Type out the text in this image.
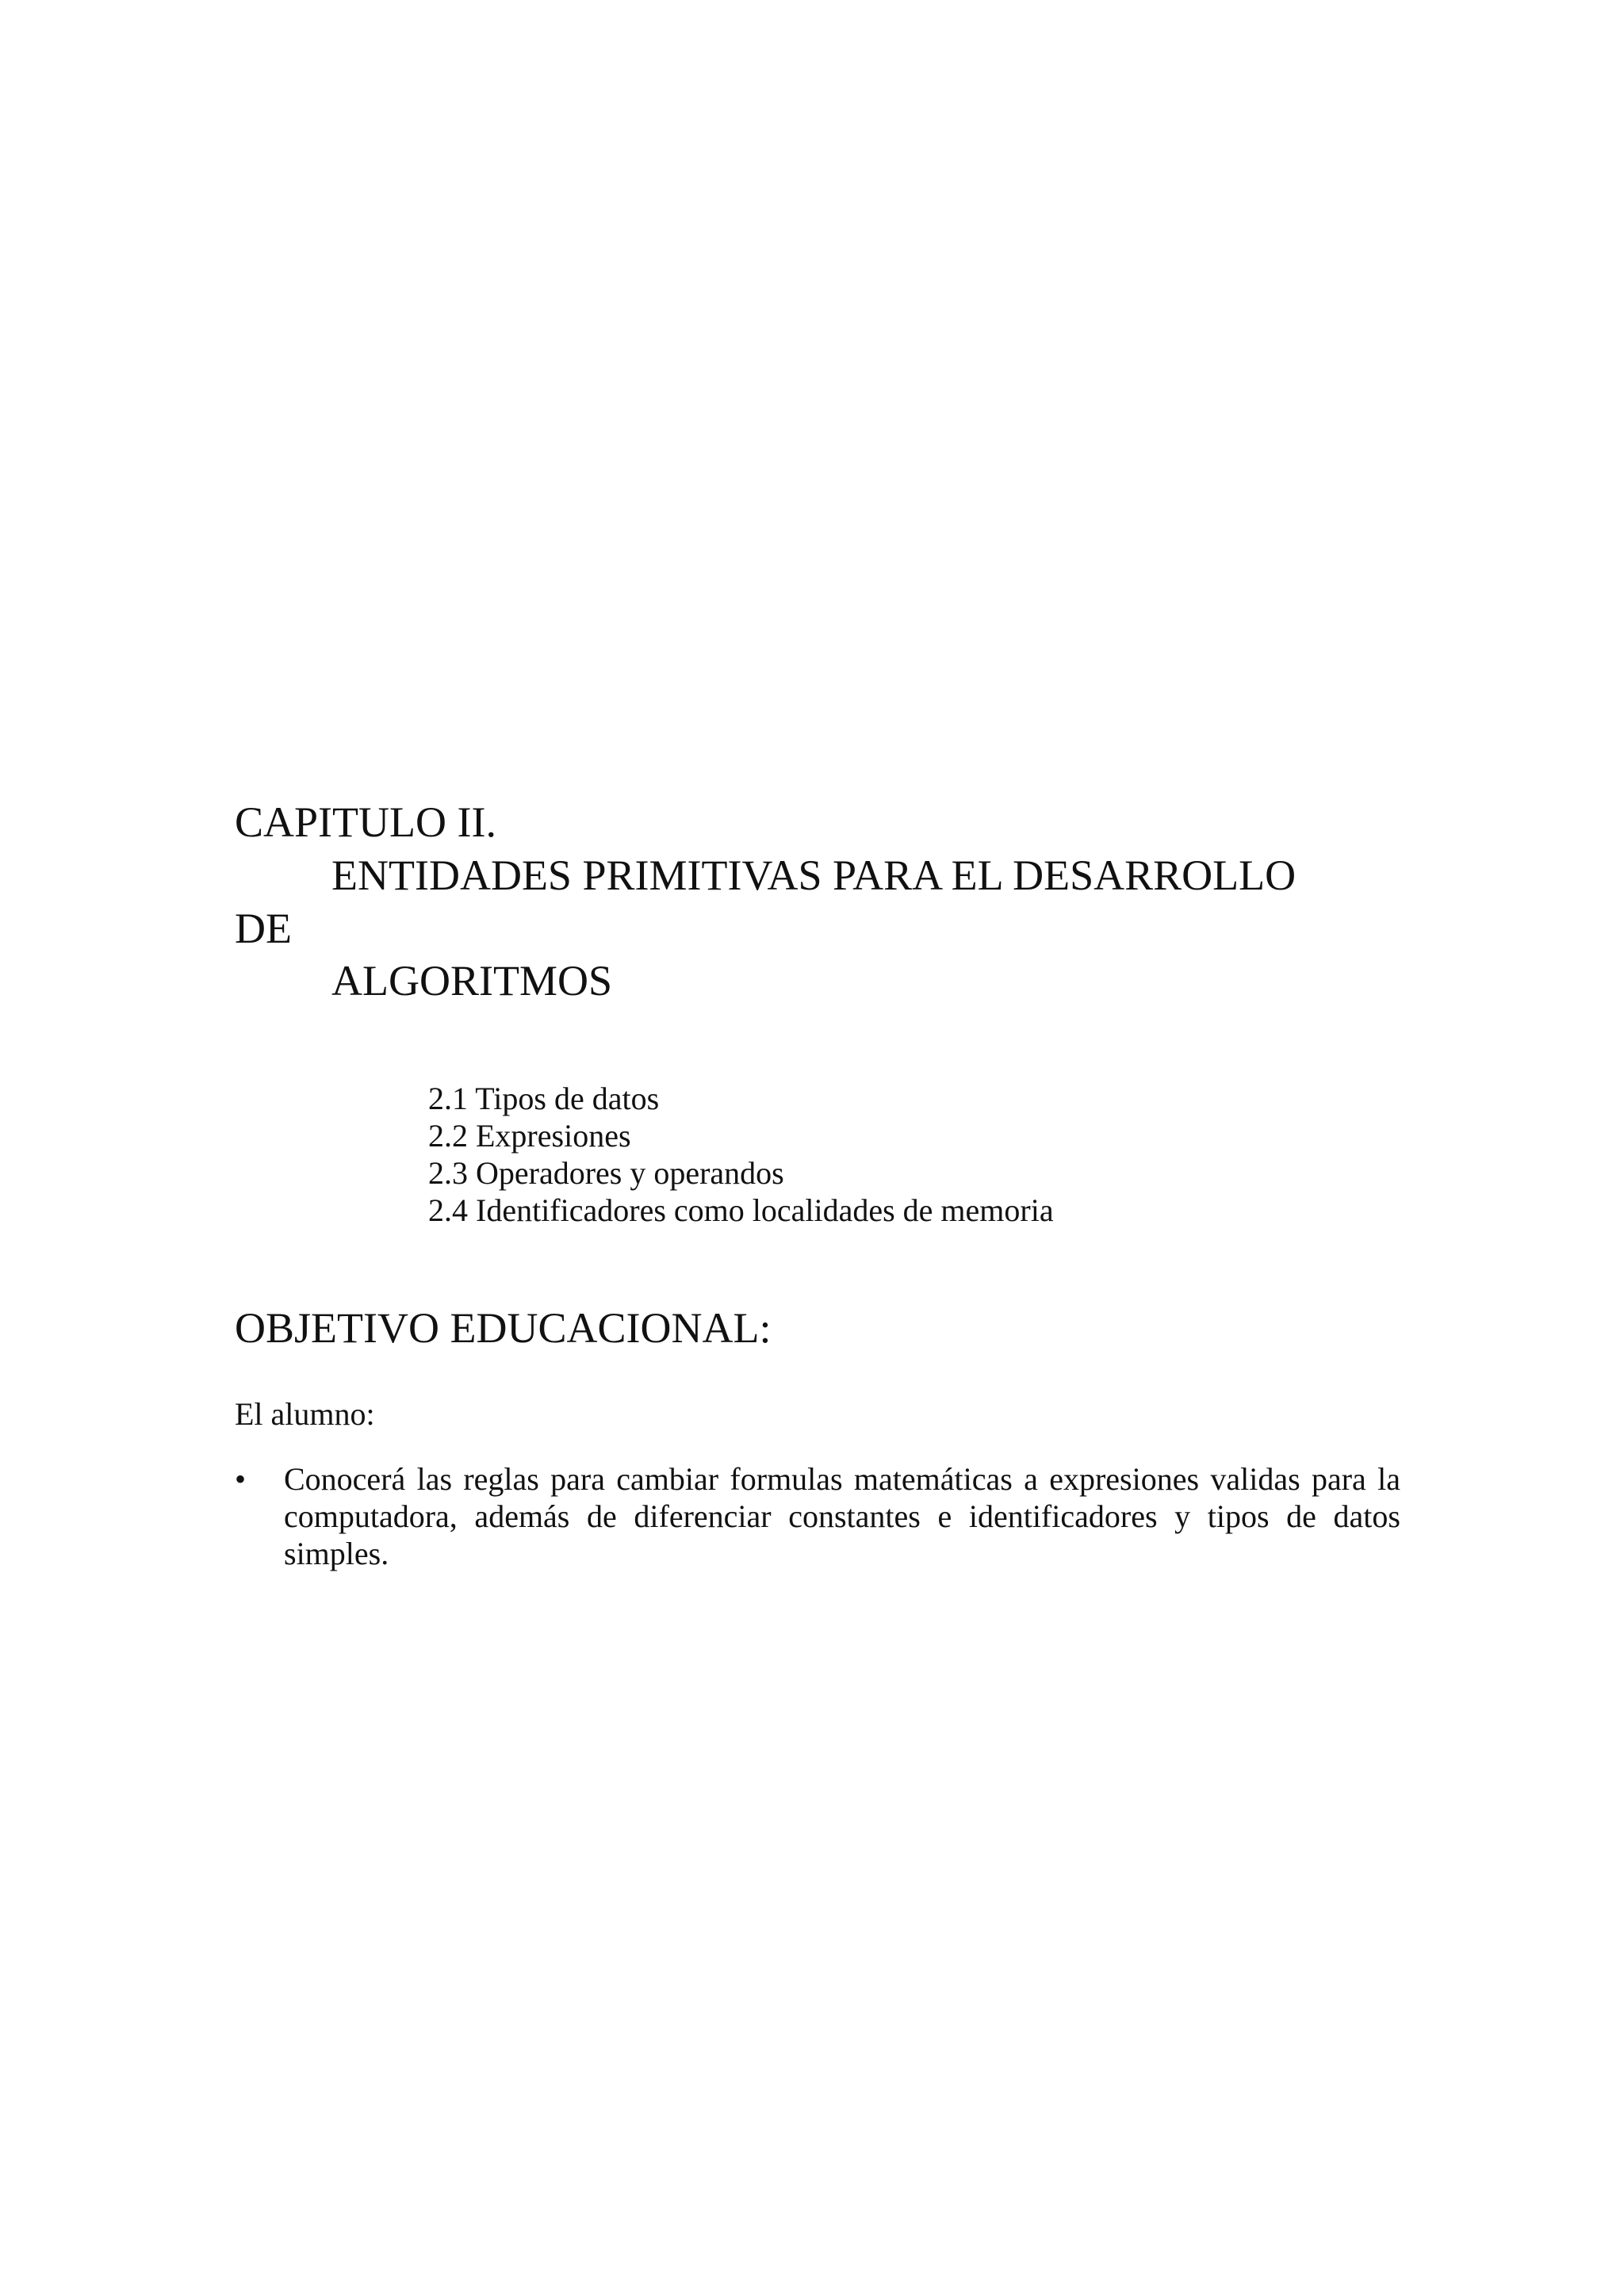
CAPITULO II.
ENTIDADES PRIMITIVAS PARA EL DESARROLLO
DE
ALGORITMOS
2.1 Tipos de datos
2.2 Expresiones
2.3 Operadores y operandos
2.4 Identificadores como localidades de memoria
OBJETIVO EDUCACIONAL:
El alumno:
• Conocerá las reglas para cambiar formulas matemáticas a expresiones validas para la computadora, además de diferenciar constantes e identificadores y tipos de datos simples.
